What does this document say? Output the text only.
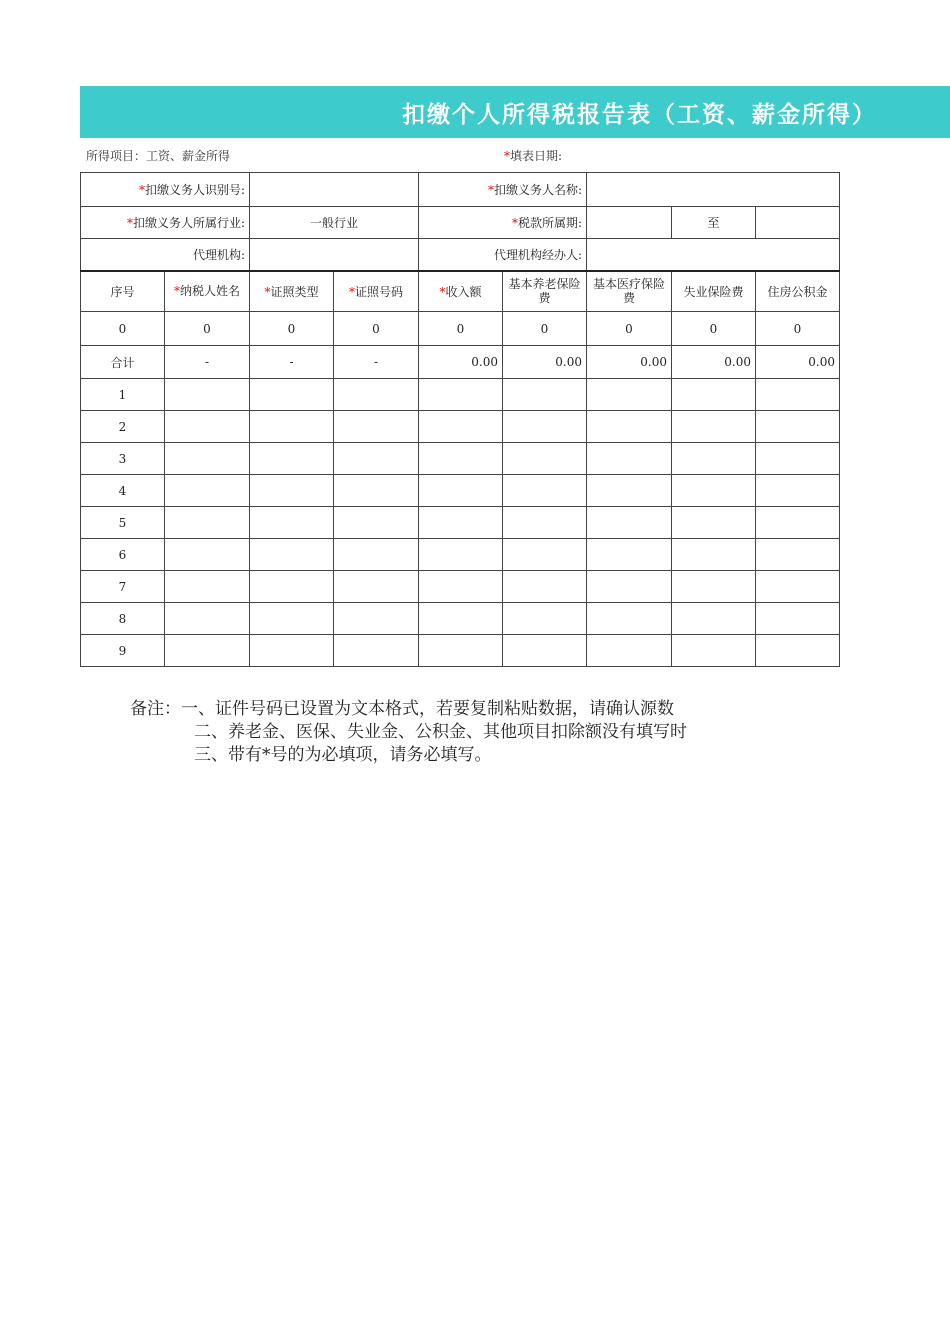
扣缴个人所得税报告表（工资、薪金所得）
所得项目：工资、薪金所得	*填表日期:
*扣缴义务人识别号:				*扣缴义务人名称:				
*扣缴义务人所属行业:		一般行业		*税款所属期:			至	
代理机构:				代理机构经办人:				
序号	*纳税人姓名	*证照类型	*证照号码	*收入额	基本养老保险费	基本医疗保险费	失业保险费	住房公积金
0	0	0	0	0	0	0	0	0
合计	-	-	-	0.00	0.00	0.00	0.00	0.00
1								
2								
3								
4								
5								
6								
7								
8								
9								
备注：一、证件号码已设置为文本格式，若要复制粘贴数据，请确认源数
二、养老金、医保、失业金、公积金、其他项目扣除额没有填写时
三、带有*号的为必填项，请务必填写。
